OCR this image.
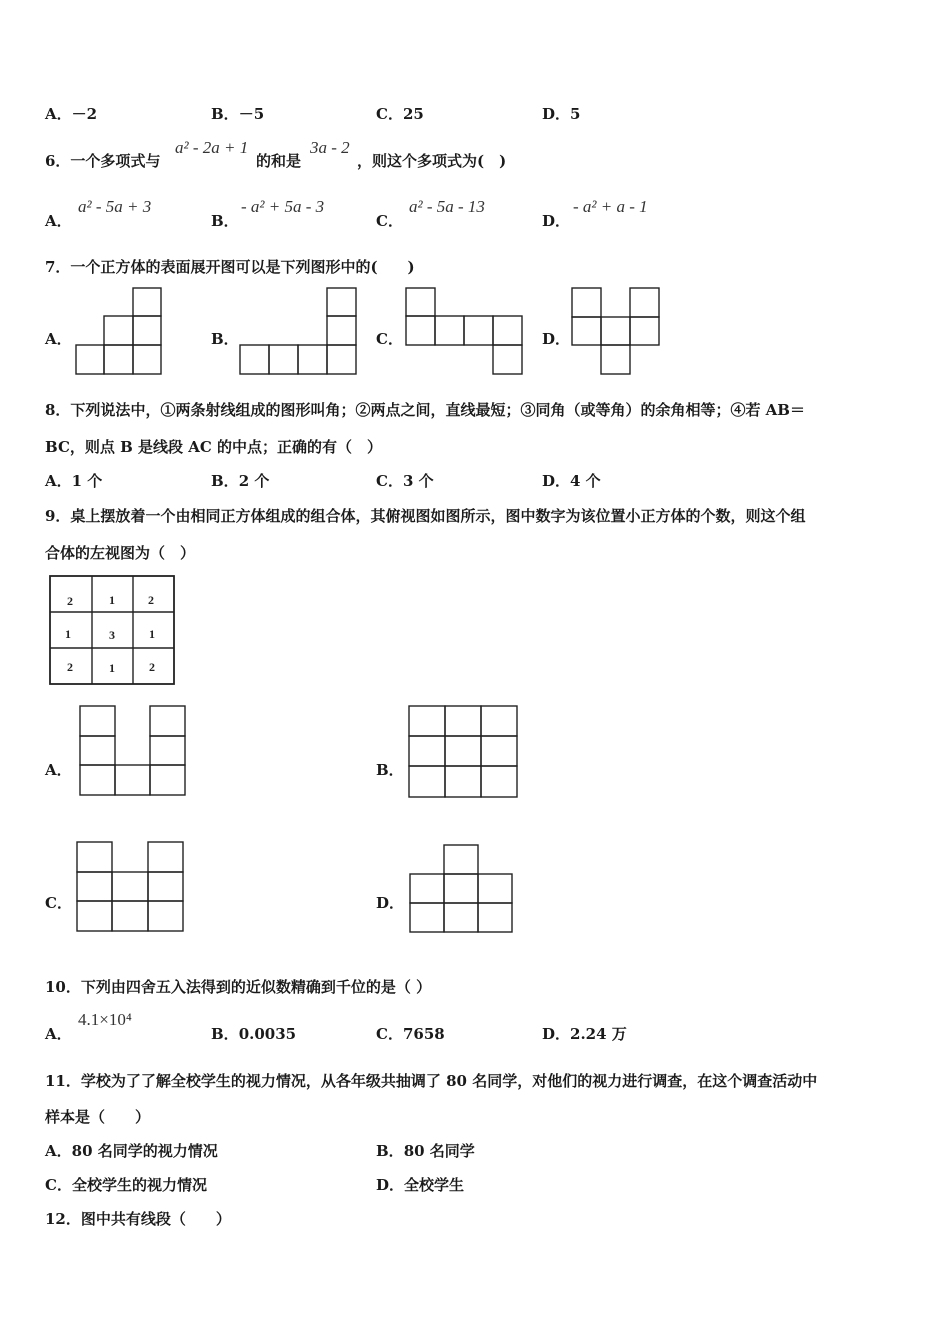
A．－2	B．－5	C．25	D．5
6．一个多项式与
a² - 2a + 1
的和是
3a - 2
，则这个多项式为(　)
A．
a² - 5a + 3
B．
- a² + 5a - 3
C．
a² - 5a - 13
D．
- a² + a - 1
7．一个正方体的表面展开图可以是下列图形中的(　　)
A．	B．	C．	D．
8．下列说法中，①两条射线组成的图形叫角；②两点之间，直线最短；③同角（或等角）的余角相等；④若 AB＝
BC，则点 B 是线段 AC 的中点；正确的有（　）
A．1 个	B．2 个	C．3 个	D．4 个
9．桌上摆放着一个由相同正方体组成的组合体，其俯视图如图所示，图中数字为该位置小正方体的个数，则这个组
合体的左视图为（　）
2	1	2
1	3	1
2	1	2
A．	B．
C．	D．
10．下列由四舍五入法得到的近似数精确到千位的是（ ）
A．
4.1×10⁴
B．0.0035	C．7658	D．2.24 万
11．学校为了了解全校学生的视力情况，从各年级共抽调了 80 名同学，对他们的视力进行调查，在这个调查活动中
样本是（　　）
A．80 名同学的视力情况	B．80 名同学
C．全校学生的视力情况	D．全校学生
12．图中共有线段（　　）
